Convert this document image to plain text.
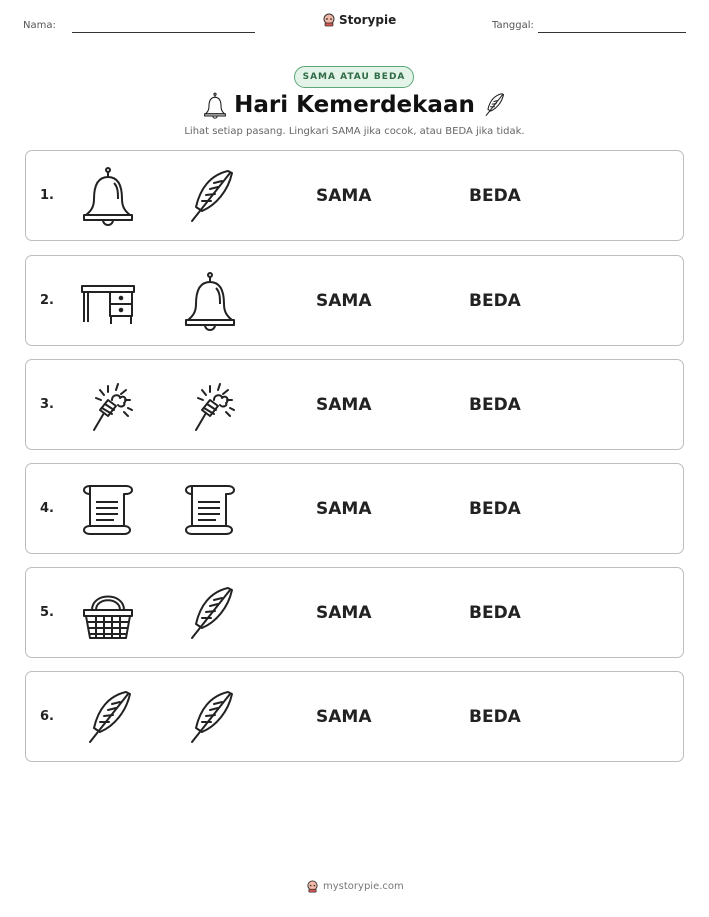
Nama:	Storypie	Tanggal:
SAMA ATAU BEDA
Hari Kemerdekaan
Lihat setiap pasang. Lingkari SAMA jika cocok, atau BEDA jika tidak.
1.	SAMA	BEDA
2.	SAMA	BEDA
3.	SAMA	BEDA
4.	SAMA	BEDA
5.	SAMA	BEDA
6.	SAMA	BEDA
mystorypie.com
